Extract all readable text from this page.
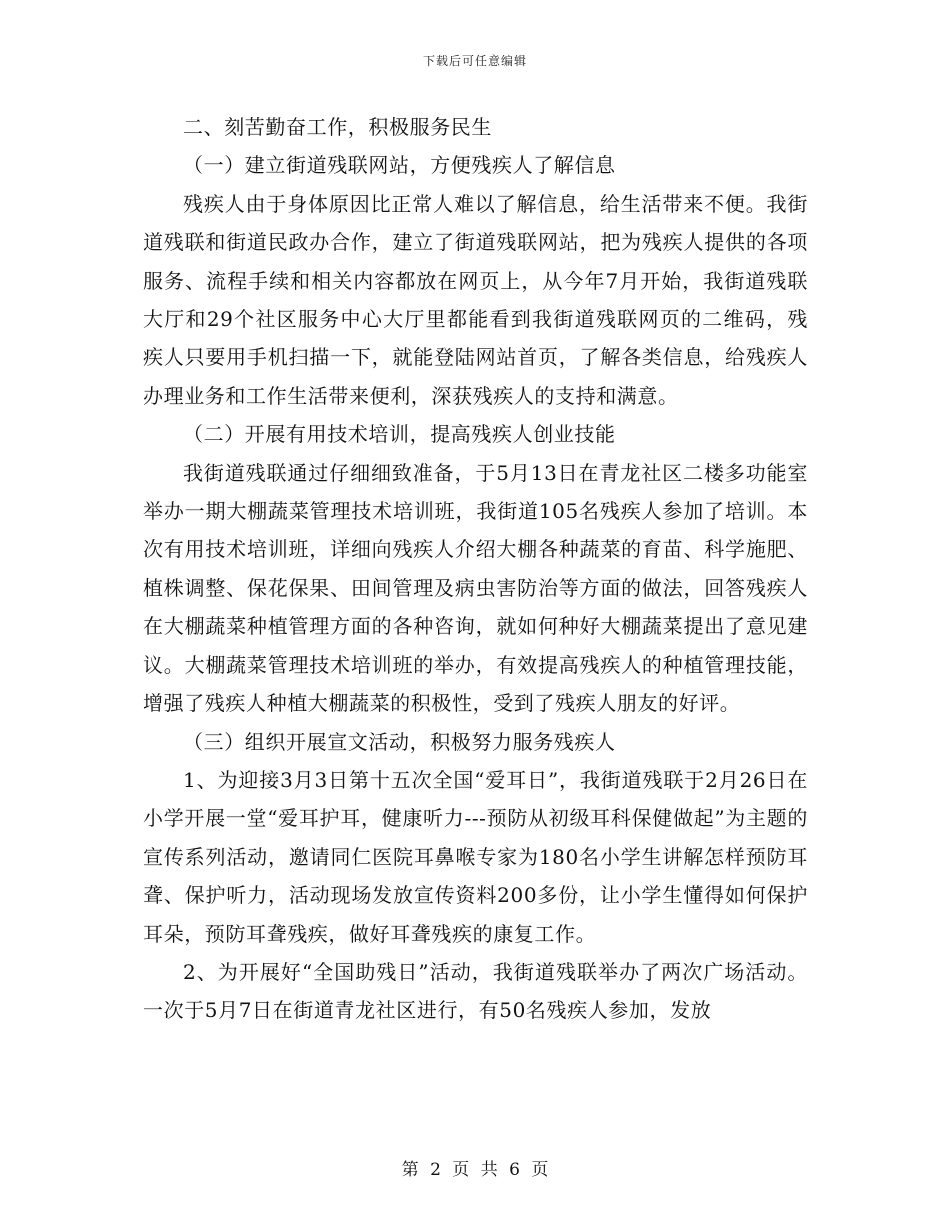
下载后可任意编辑

二、刻苦勤奋工作，积极服务民生

（一）建立街道残联网站，方便残疾人了解信息

残疾人由于身体原因比正常人难以了解信息，给生活带来不便。我街道残联和街道民政办合作，建立了街道残联网站，把为残疾人提供的各项服务、流程手续和相关内容都放在网页上，从今年7月开始，我街道残联大厅和29个社区服务中心大厅里都能看到我街道残联网页的二维码，残疾人只要用手机扫描一下，就能登陆网站首页，了解各类信息，给残疾人办理业务和工作生活带来便利，深获残疾人的支持和满意。

（二）开展有用技术培训，提高残疾人创业技能

我街道残联通过仔细细致准备，于5月13日在青龙社区二楼多功能室举办一期大棚蔬菜管理技术培训班，我街道105名残疾人参加了培训。本次有用技术培训班，详细向残疾人介绍大棚各种蔬菜的育苗、科学施肥、植株调整、保花保果、田间管理及病虫害防治等方面的做法，回答残疾人在大棚蔬菜种植管理方面的各种咨询，就如何种好大棚蔬菜提出了意见建议。大棚蔬菜管理技术培训班的举办，有效提高残疾人的种植管理技能，增强了残疾人种植大棚蔬菜的积极性，受到了残疾人朋友的好评。

（三）组织开展宣文活动，积极努力服务残疾人

1、为迎接3月3日第十五次全国“爱耳日”，我街道残联于2月26日在小学开展一堂“爱耳护耳，健康听力---预防从初级耳科保健做起”为主题的宣传系列活动，邀请同仁医院耳鼻喉专家为180名小学生讲解怎样预防耳聋、保护听力，活动现场发放宣传资料200多份，让小学生懂得如何保护耳朵，预防耳聋残疾，做好耳聋残疾的康复工作。

2、为开展好“全国助残日”活动，我街道残联举办了两次广场活动。一次于5月7日在街道青龙社区进行，有50名残疾人参加，发放

第 2 页 共 6 页
